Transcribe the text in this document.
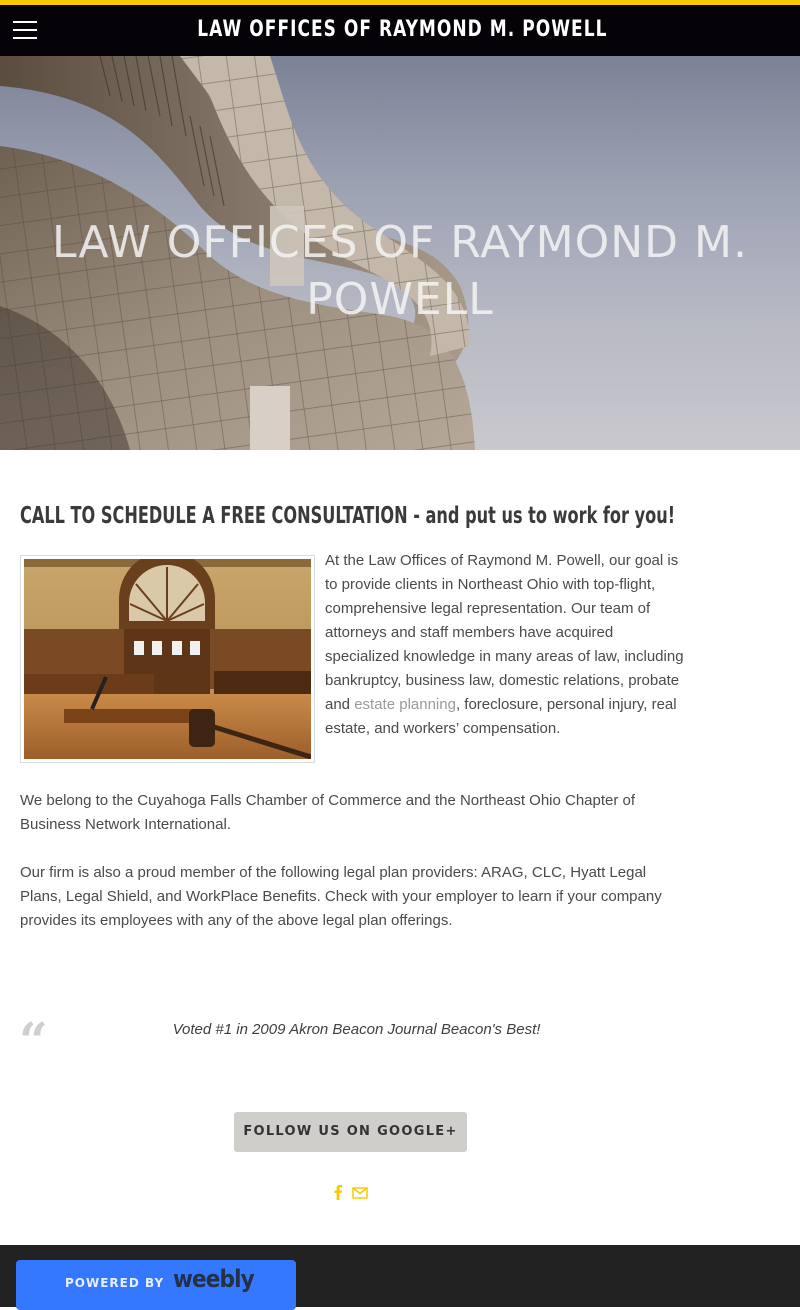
LAW OFFICES OF RAYMOND M. POWELL
LAW OFFICES OF RAYMOND M. POWELL
CALL TO SCHEDULE A FREE CONSULTATION - and put us to work for you!

At the Law Offices of Raymond M. Powell, our goal is to provide clients in Northeast Ohio with top-flight, comprehensive legal representation. Our team of attorneys and staff members have acquired specialized knowledge in many areas of law, including bankruptcy, business law, domestic relations, probate and estate planning, foreclosure, personal injury, real estate, and workers’ compensation.

We belong to the Cuyahoga Falls Chamber of Commerce and the Northeast Ohio Chapter of Business Network International.

Our firm is also a proud member of the following legal plan providers: ARAG, CLC, Hyatt Legal Plans, Legal Shield, and WorkPlace Benefits. Check with your employer to learn if your company provides its employees with any of the above legal plan offerings.

“	Voted #1 in 2009 Akron Beacon Journal Beacon's Best!
FOLLOW US ON GOOGLE+
POWERED BY weebly
